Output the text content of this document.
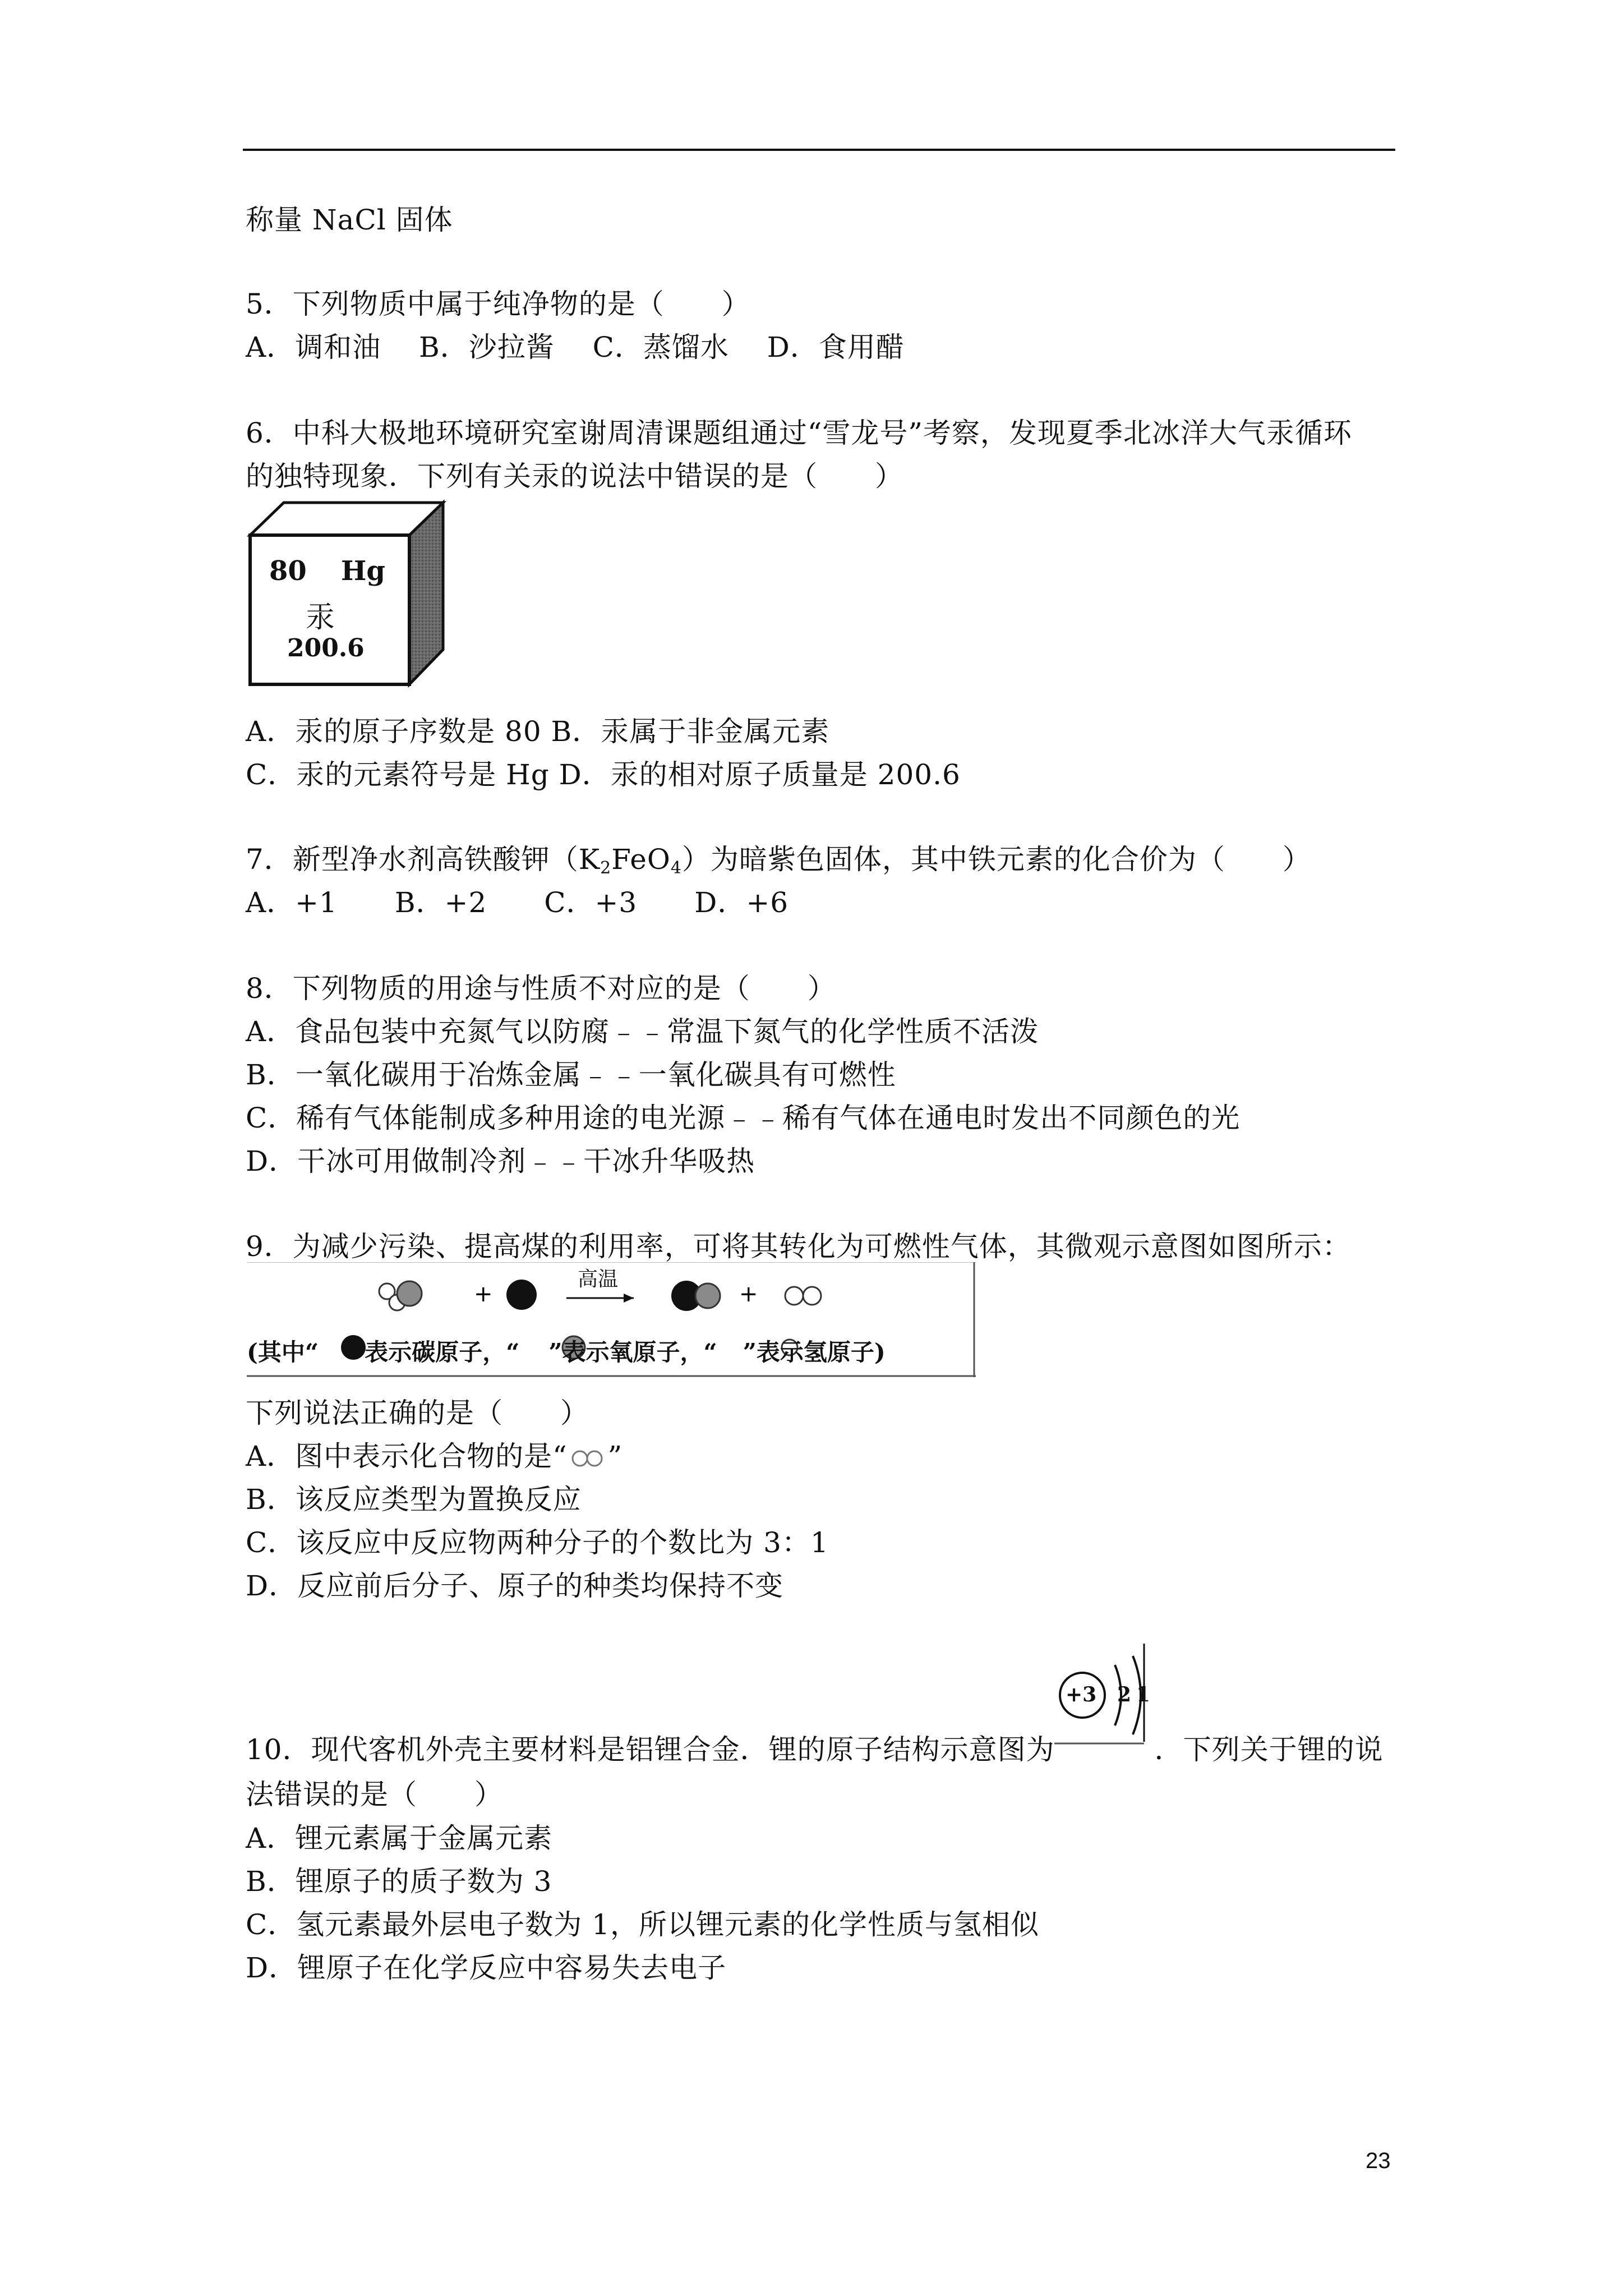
称量 NaCl 固体
5．下列物质中属于纯净物的是（　　）
A．调和油　 B．沙拉酱　 C．蒸馏水　 D．食用醋
6．中科大极地环境研究室谢周清课题组通过“雪龙号”考察，发现夏季北冰洋大气汞循环
的独特现象．下列有关汞的说法中错误的是（　　）
80 Hg
汞
200.6
A．汞的原子序数是 80 B．汞属于非金属元素
C．汞的元素符号是 Hg D．汞的相对原子质量是 200.6
7．新型净水剂高铁酸钾$(K_2FeO_4)$为暗紫色固体，其中铁元素的化合价为（　　）
A．+1　　B．+2　　C．+3　　D．+6
8．下列物质的用途与性质不对应的是（　　）
A．食品包装中充氮气以防腐﹣﹣常温下氮气的化学性质不活泼
B．一氧化碳用于冶炼金属﹣﹣一氧化碳具有可燃性
C．稀有气体能制成多种用途的电光源﹣﹣稀有气体在通电时发出不同颜色的光
D．干冰可用做制冷剂﹣﹣干冰升华吸热
9．为减少污染、提高煤的利用率，可将其转化为可燃性气体，其微观示意图如图所示：
+	+
高温
(其中“ ”表示碳原子，“ ”表示氧原子，“ ”表示氢原子)
下列说法正确的是（　　）
A．图中表示化合物的是“ ”
B．该反应类型为置换反应
C．该反应中反应物两种分子的个数比为 3：1
D．反应前后分子、原子的种类均保持不变
+3 2 1
10．现代客机外壳主要材料是铝锂合金．锂的原子结构示意图为	．下列关于锂的说
法错误的是（　　）
A．锂元素属于金属元素
B．锂原子的质子数为 3
C．氢元素最外层电子数为 1，所以锂元素的化学性质与氢相似
D．锂原子在化学反应中容易失去电子
23
